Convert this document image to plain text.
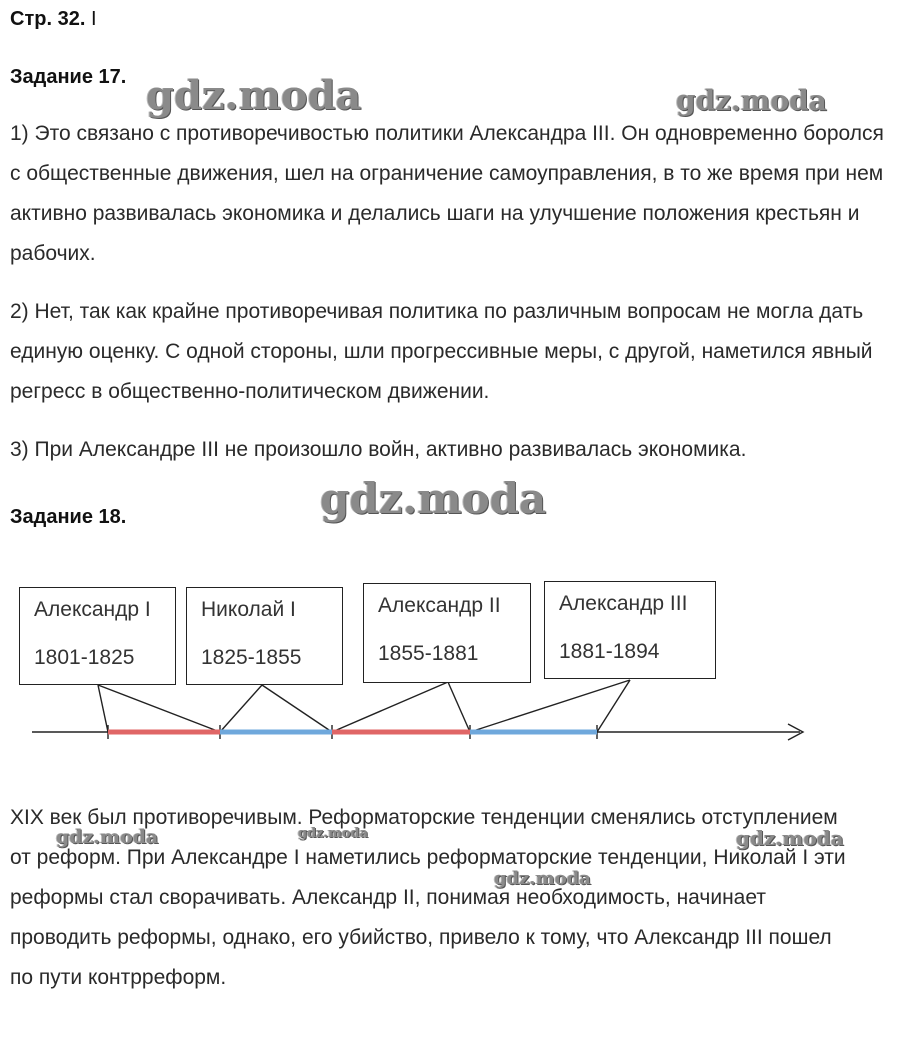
Стр. 32. I
Задание 17.
1) Это связано с противоречивостью политики Александра III. Он одновременно боролся с общественные движения, шел на ограничение самоуправления, в то же время при нем активно развивалась экономика и делались шаги на улучшение положения крестьян и рабочих.
2) Нет, так как крайне противоречивая политика по различным вопросам не могла дать единую оценку. С одной стороны, шли прогрессивные меры, с другой, наметился явный регресс в общественно-политическом движении.
3) При Александре III не произошло войн, активно развивалась экономика.
Задание 18.
Александр I
1801-1825
Николай I
1825-1855
Александр II
1855-1881
Александр III
1881-1894
XIX век был противоречивым. Реформаторские тенденции сменялись отступлением от реформ. При Александре I наметились реформаторские тенденции, Николай I эти реформы стал сворачивать. Александр II, понимая необходимость, начинает проводить реформы, однако, его убийство, привело к тому, что Александр III пошел по пути контрреформ.
gdz.moda	gdz.moda
gdz.moda
gdz.moda	gdz.moda	gdz.moda
gdz.moda
